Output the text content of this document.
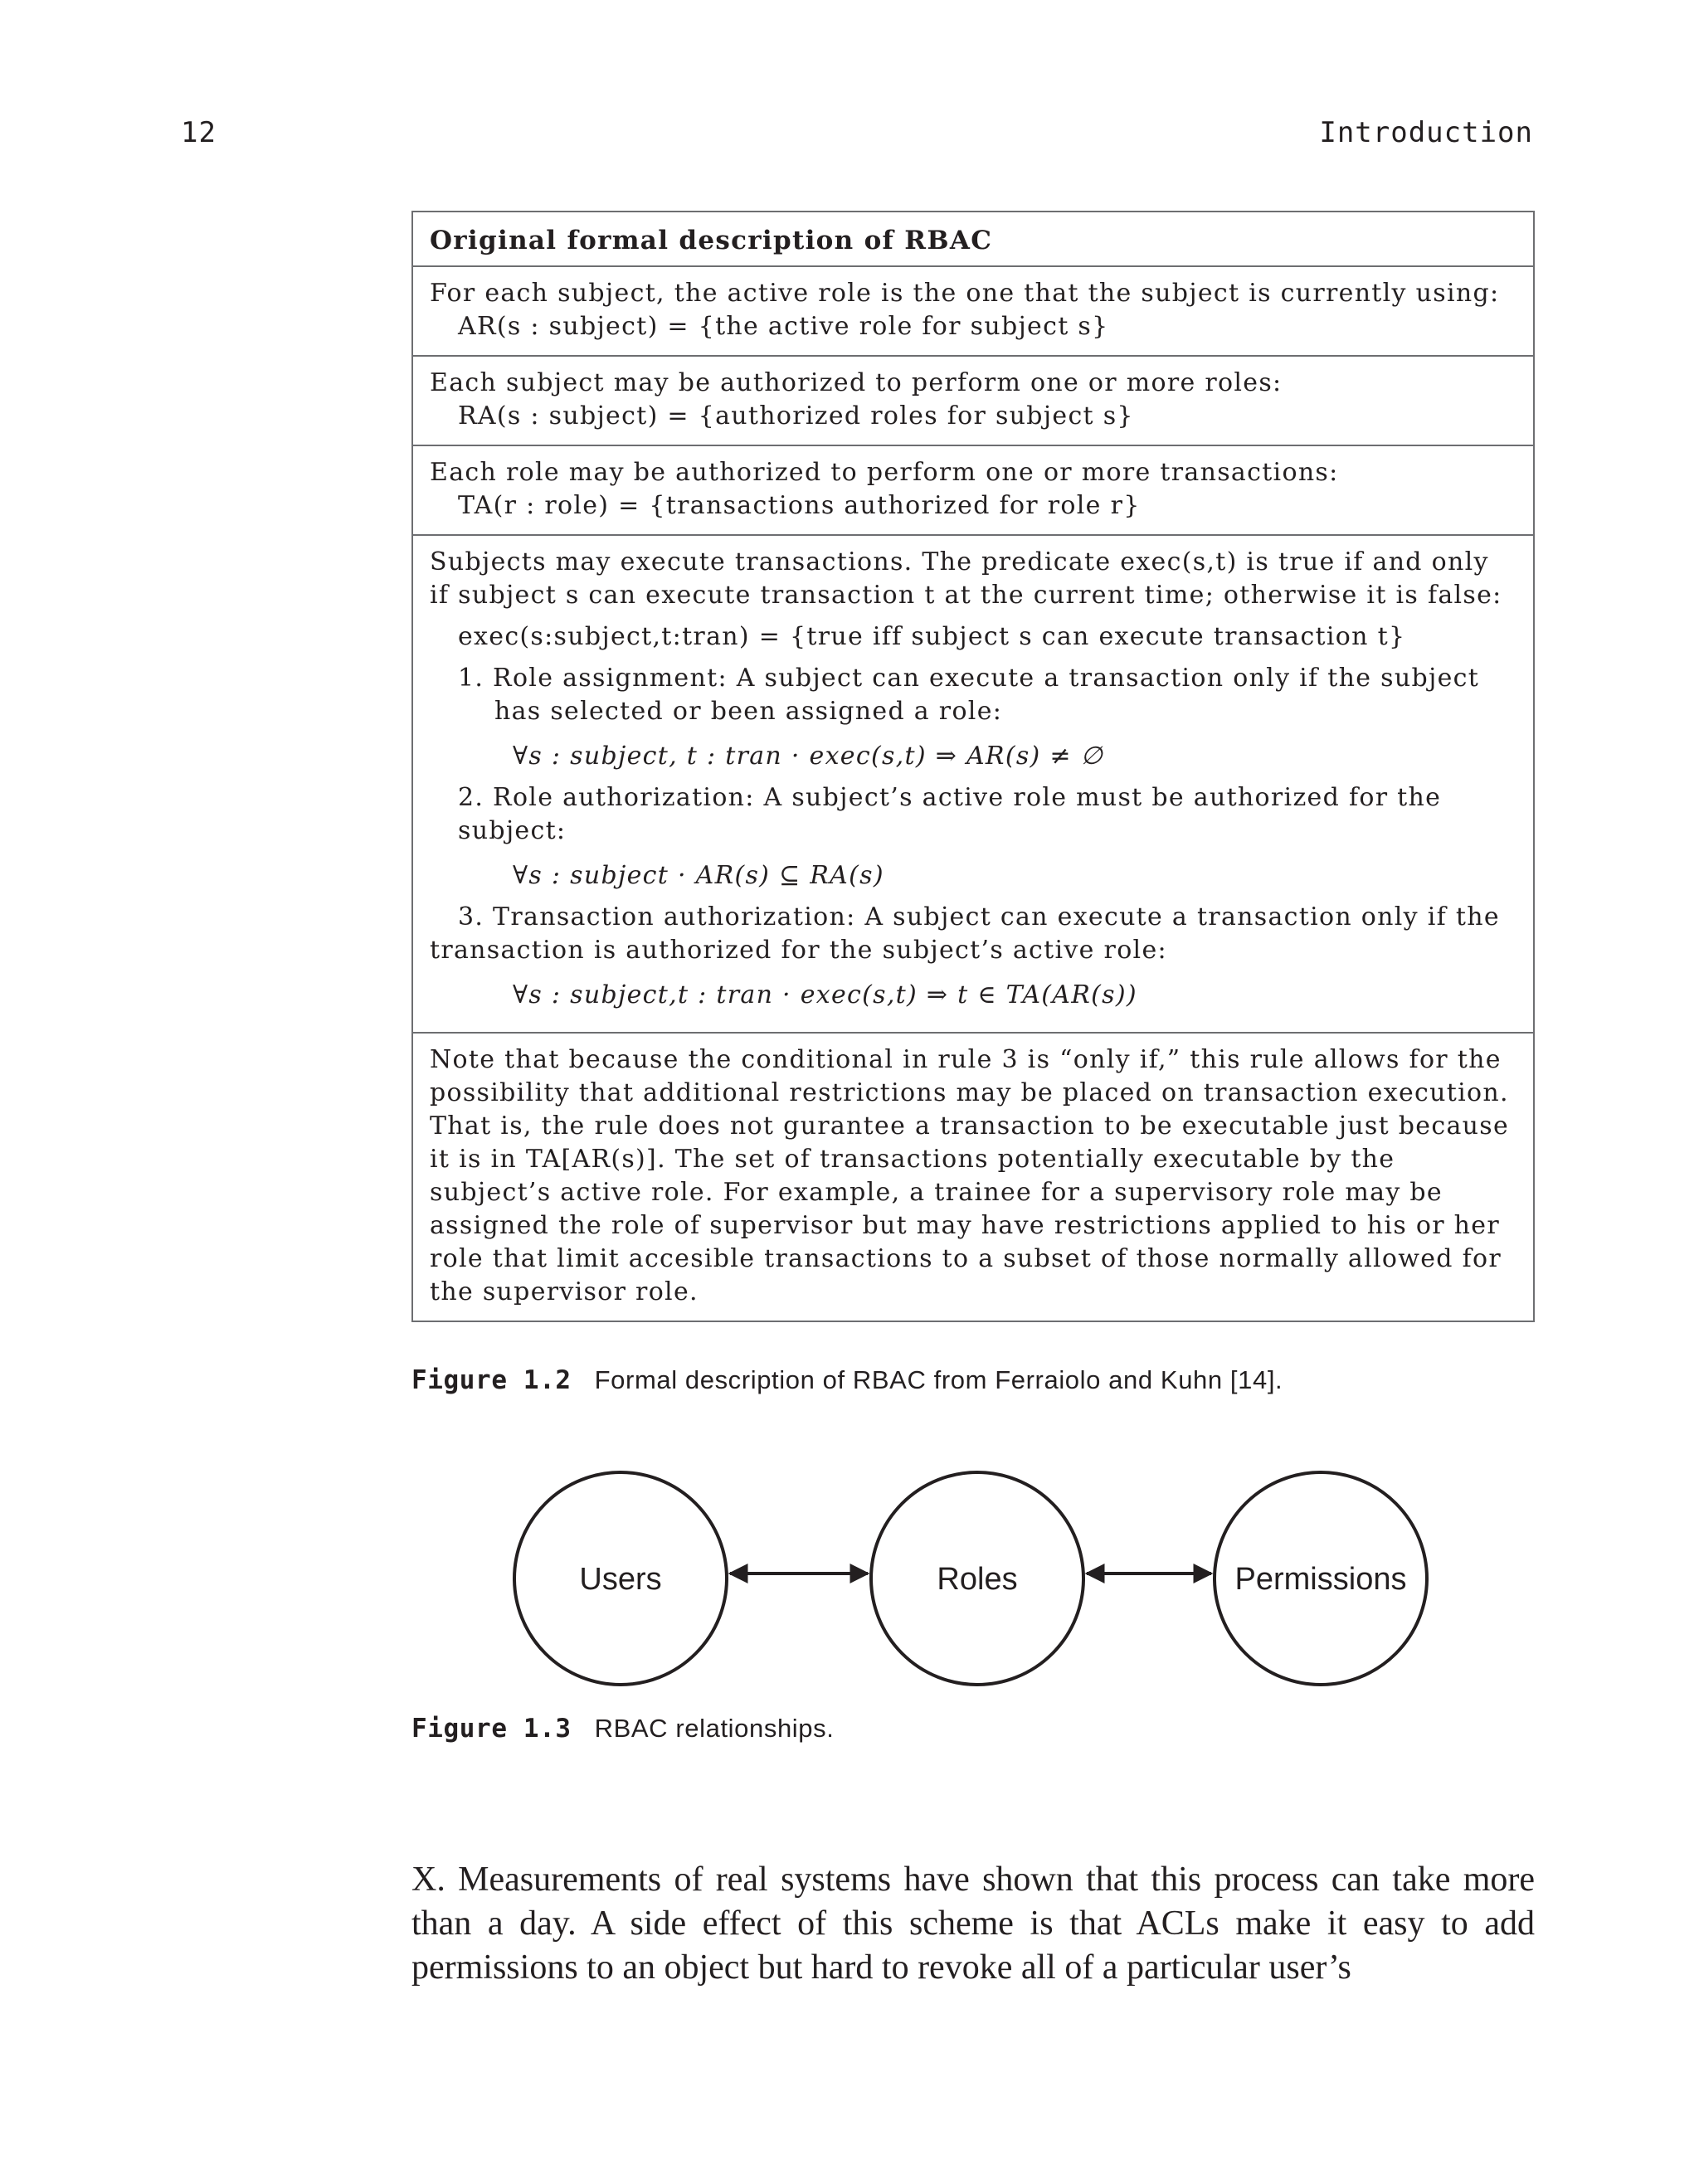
12	Introduction
Original formal description of RBAC
For each subject, the active role is the one that the subject is currently using:
AR(s : subject) = {the active role for subject s}
Each subject may be authorized to perform one or more roles:
RA(s : subject) = {authorized roles for subject s}
Each role may be authorized to perform one or more transactions:
TA(r : role) = {transactions authorized for role r}
Subjects may execute transactions. The predicate exec(s,t) is true if and only if subject s can execute transaction t at the current time; otherwise it is false:
exec(s:subject,t:tran) = {true iff subject s can execute transaction t}
1. Role assignment: A subject can execute a transaction only if the subject has selected or been assigned a role:
∀s : subject, t : tran · exec(s,t) ⇒ AR(s) ≠ ∅
2. Role authorization: A subject’s active role must be authorized for the subject:
∀s : subject · AR(s) ⊆ RA(s)
3. Transaction authorization: A subject can execute a transaction only if the transaction is authorized for the subject’s active role:
∀s : subject,t : tran · exec(s,t) ⇒ t ∈ TA(AR(s))
Note that because the conditional in rule 3 is “only if,” this rule allows for the possibility that additional restrictions may be placed on transaction execution. That is, the rule does not gurantee a transaction to be executable just because it is in TA[AR(s)]. The set of transactions potentially executable by the subject’s active role. For example, a trainee for a supervisory role may be assigned the role of supervisor but may have restrictions applied to his or her role that limit accesible transactions to a subset of those normally allowed for the supervisor role.
Figure 1.2 Formal description of RBAC from Ferraiolo and Kuhn [14].
Users	Roles	Permissions
Figure 1.3 RBAC relationships.
X. Measurements of real systems have shown that this process can take more than a day. A side effect of this scheme is that ACLs make it easy to add permissions to an object but hard to revoke all of a particular user’s
